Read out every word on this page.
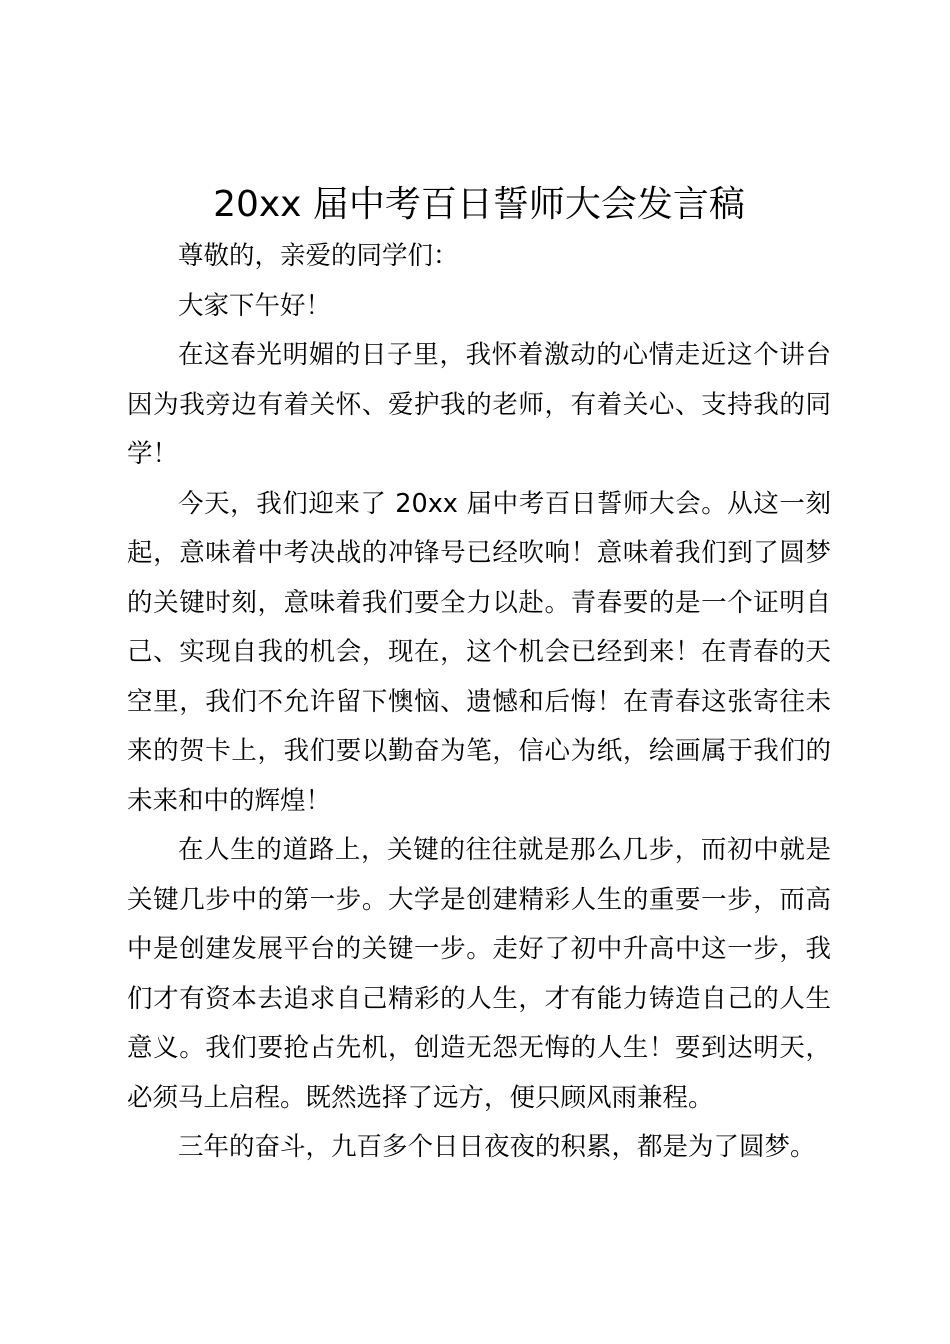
20xx 届中考百日誓师大会发言稿

尊敬的，亲爱的同学们：

大家下午好！

在这春光明媚的日子里，我怀着激动的心情走近这个讲台因为我旁边有着关怀、爱护我的老师，有着关心、支持我的同学！

今天，我们迎来了 20xx 届中考百日誓师大会。从这一刻起，意味着中考决战的冲锋号已经吹响！意味着我们到了圆梦的关键时刻，意味着我们要全力以赴。青春要的是一个证明自己、实现自我的机会，现在，这个机会已经到来！在青春的天空里，我们不允许留下懊恼、遗憾和后悔！在青春这张寄往未来的贺卡上，我们要以勤奋为笔，信心为纸，绘画属于我们的未来和中的辉煌！

在人生的道路上，关键的往往就是那么几步，而初中就是关键几步中的第一步。大学是创建精彩人生的重要一步，而高中是创建发展平台的关键一步。走好了初中升高中这一步，我们才有资本去追求自己精彩的人生，才有能力铸造自己的人生意义。我们要抢占先机，创造无怨无悔的人生！要到达明天，必须马上启程。既然选择了远方，便只顾风雨兼程。

三年的奋斗，九百多个日日夜夜的积累，都是为了圆梦。
